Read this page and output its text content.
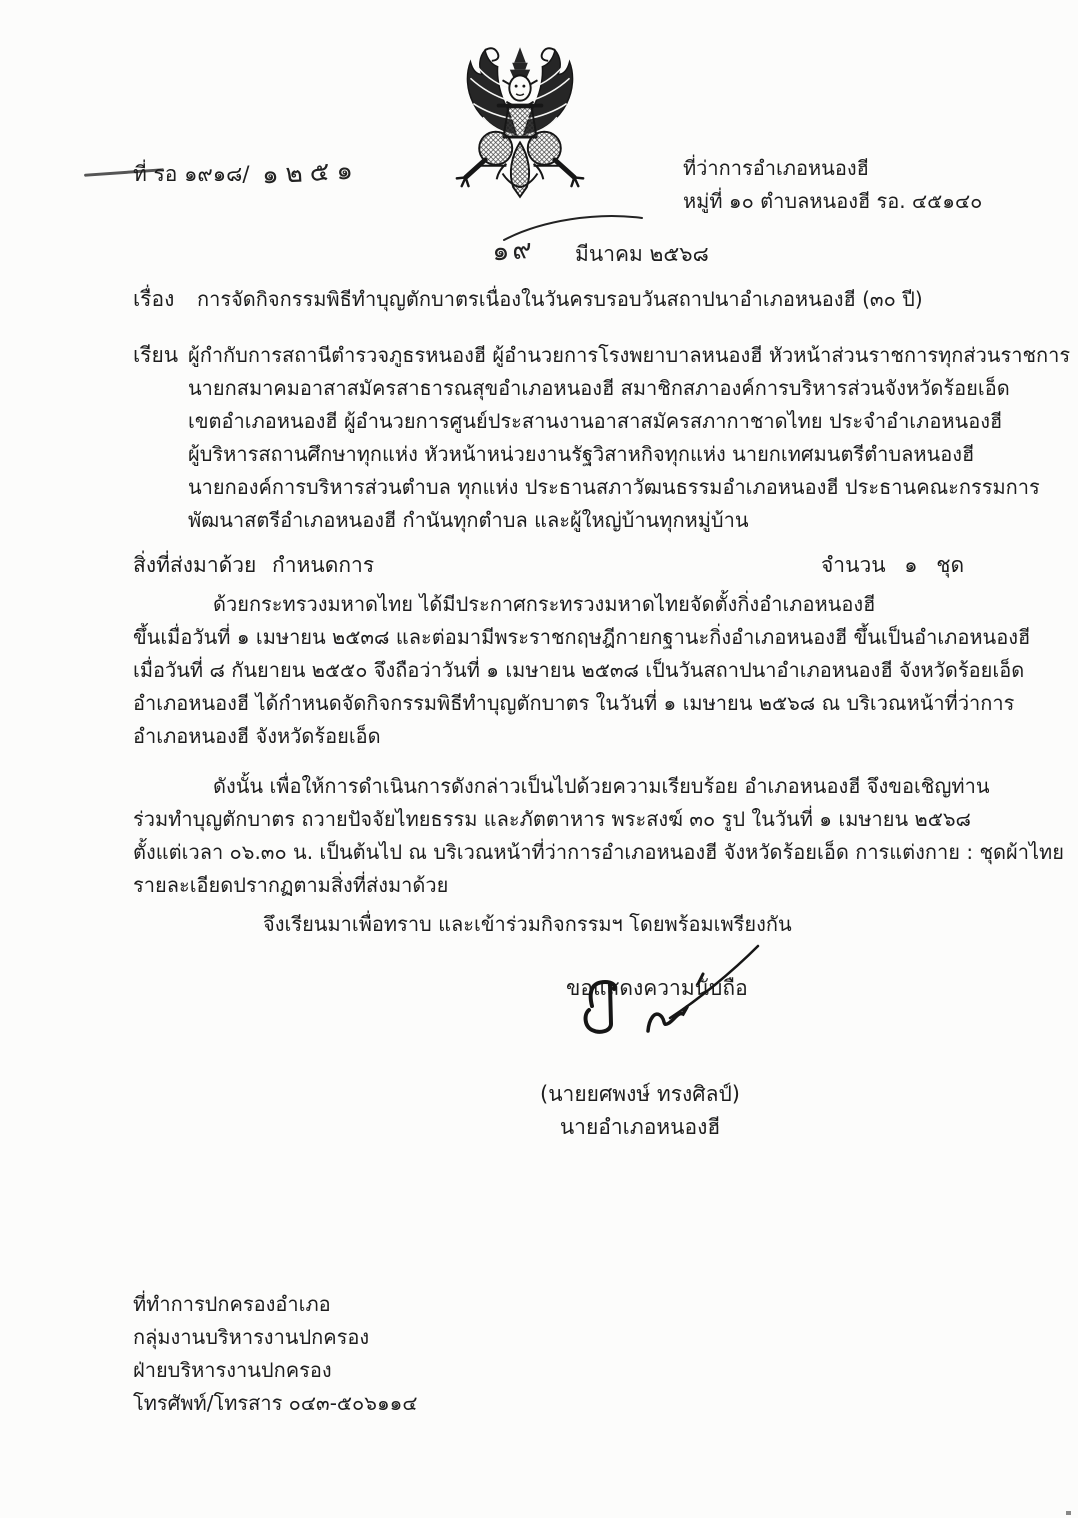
ที่ รอ ๑๙๑๘/ ๑๒๕๑	ที่ว่าการอำเภอหนองฮี
หมู่ที่ ๑๐ ตำบลหนองฮี รอ. ๔๕๑๔๐
๑๙ มีนาคม ๒๕๖๘
เรื่อง การจัดกิจกรรมพิธีทำบุญตักบาตรเนื่องในวันครบรอบวันสถาปนาอำเภอหนองฮี (๓๐ ปี)
เรียน ผู้กำกับการสถานีตำรวจภูธรหนองฮี ผู้อำนวยการโรงพยาบาลหนองฮี หัวหน้าส่วนราชการทุกส่วนราชการ
นายกสมาคมอาสาสมัครสาธารณสุขอำเภอหนองฮี สมาชิกสภาองค์การบริหารส่วนจังหวัดร้อยเอ็ด
เขตอำเภอหนองฮี ผู้อำนวยการศูนย์ประสานงานอาสาสมัครสภากาชาดไทย ประจำอำเภอหนองฮี
ผู้บริหารสถานศึกษาทุกแห่ง หัวหน้าหน่วยงานรัฐวิสาหกิจทุกแห่ง นายกเทศมนตรีตำบลหนองฮี
นายกองค์การบริหารส่วนตำบล ทุกแห่ง ประธานสภาวัฒนธรรมอำเภอหนองฮี ประธานคณะกรรมการ
พัฒนาสตรีอำเภอหนองฮี กำนันทุกตำบล และผู้ใหญ่บ้านทุกหมู่บ้าน
สิ่งที่ส่งมาด้วย กำหนดการ	จำนวน ๑ ชุด
ด้วยกระทรวงมหาดไทย ได้มีประกาศกระทรวงมหาดไทยจัดตั้งกิ่งอำเภอหนองฮี
ขึ้นเมื่อวันที่ ๑ เมษายน ๒๕๓๘ และต่อมามีพระราชกฤษฎีกายกฐานะกิ่งอำเภอหนองฮี ขึ้นเป็นอำเภอหนองฮี
เมื่อวันที่ ๘ กันยายน ๒๕๕๐ จึงถือว่าวันที่ ๑ เมษายน ๒๕๓๘ เป็นวันสถาปนาอำเภอหนองฮี จังหวัดร้อยเอ็ด
อำเภอหนองฮี ได้กำหนดจัดกิจกรรมพิธีทำบุญตักบาตร ในวันที่ ๑ เมษายน ๒๕๖๘ ณ บริเวณหน้าที่ว่าการ
อำเภอหนองฮี จังหวัดร้อยเอ็ด
ดังนั้น เพื่อให้การดำเนินการดังกล่าวเป็นไปด้วยความเรียบร้อย อำเภอหนองฮี จึงขอเชิญท่าน
ร่วมทำบุญตักบาตร ถวายปัจจัยไทยธรรม และภัตตาหาร พระสงฆ์ ๓๐ รูป ในวันที่ ๑ เมษายน ๒๕๖๘
ตั้งแต่เวลา ๐๖.๓๐ น. เป็นต้นไป ณ บริเวณหน้าที่ว่าการอำเภอหนองฮี จังหวัดร้อยเอ็ด การแต่งกาย : ชุดผ้าไทย
รายละเอียดปรากฏตามสิ่งที่ส่งมาด้วย
จึงเรียนมาเพื่อทราบ และเข้าร่วมกิจกรรมฯ โดยพร้อมเพรียงกัน
ขอแสดงความนับถือ
(นายยศพงษ์ ทรงศิลป์)
นายอำเภอหนองฮี
ที่ทำการปกครองอำเภอ
กลุ่มงานบริหารงานปกครอง
ฝ่ายบริหารงานปกครอง
โทรศัพท์/โทรสาร ๐๔๓-๕๐๖๑๑๔
